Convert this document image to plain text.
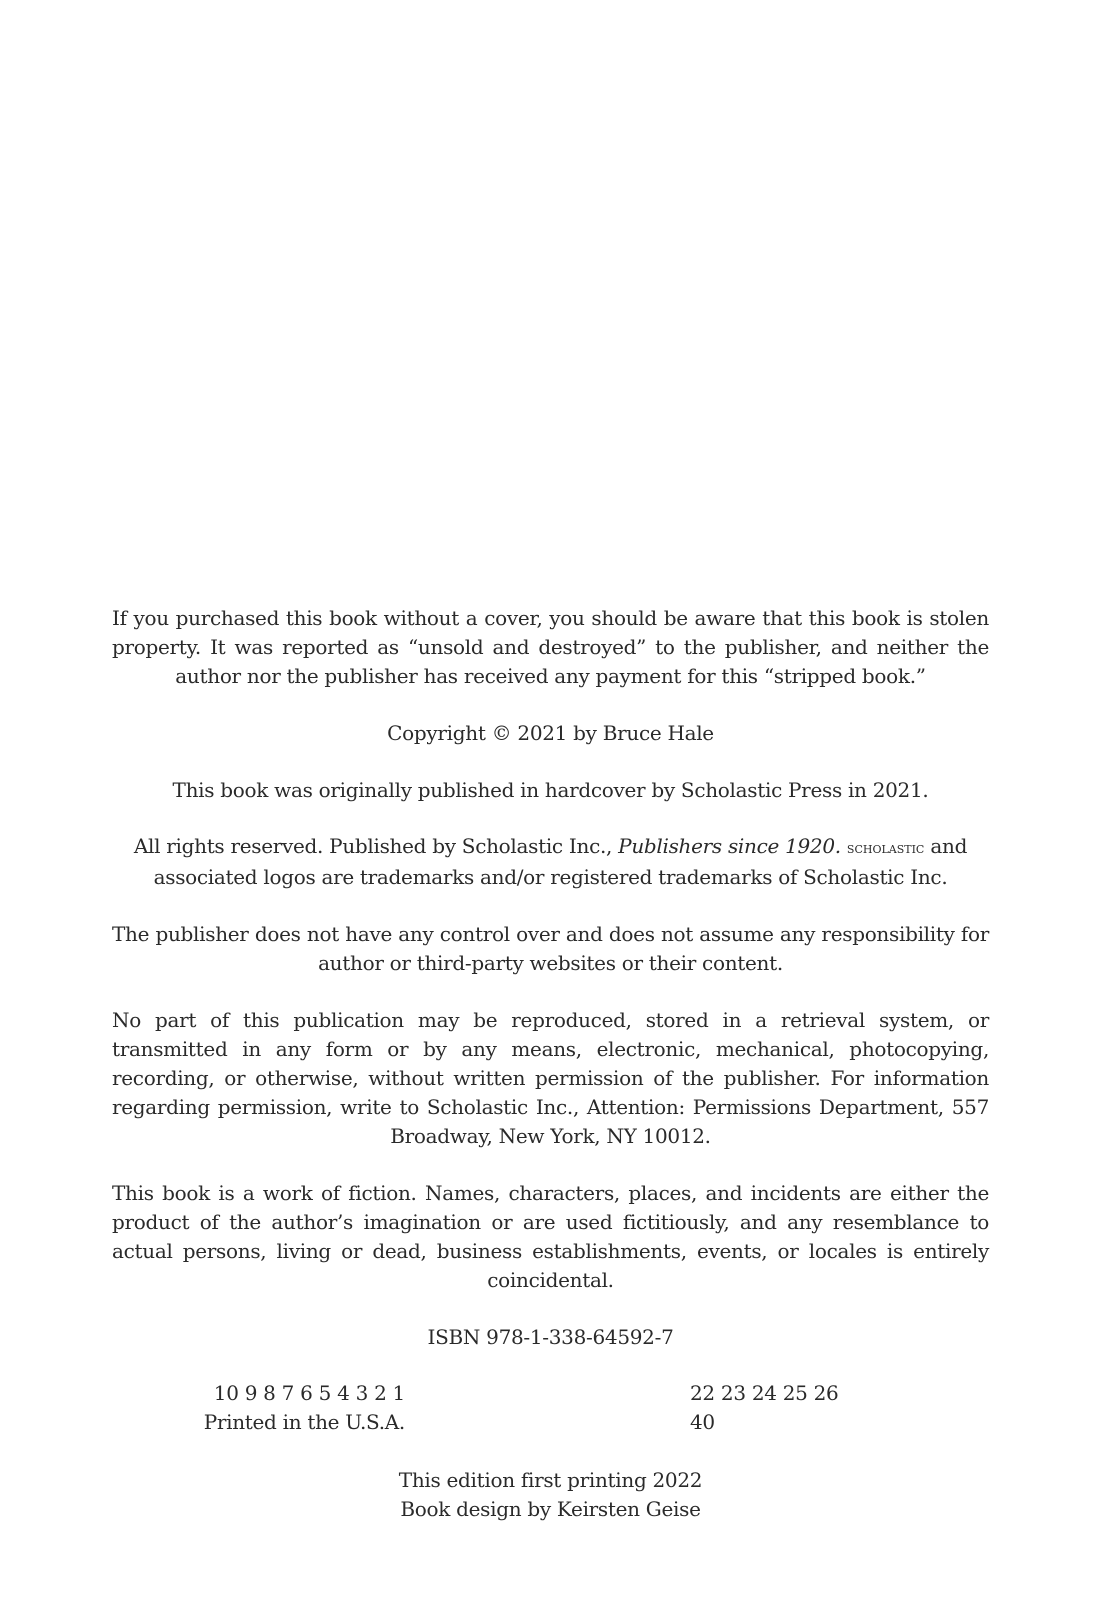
If you purchased this book without a cover, you should be aware that this book is stolen property. It was reported as “unsold and destroyed” to the publisher, and neither the author nor the publisher has received any payment for this “stripped book.”

Copyright © 2021 by Bruce Hale

This book was originally published in hardcover by Scholastic Press in 2021.

All rights reserved. Published by Scholastic Inc., Publishers since 1920. scholastic and associated logos are trademarks and/or registered trademarks of Scholastic Inc.

The publisher does not have any control over and does not assume any responsibility for author or third-party websites or their content.

No part of this publication may be reproduced, stored in a retrieval system, or transmitted in any form or by any means, electronic, mechanical, photocopying, recording, or otherwise, without written permission of the publisher. For information regarding permission, write to Scholastic Inc., Attention: Permissions Department, 557 Broadway, New York, NY 10012.

This book is a work of fiction. Names, characters, places, and incidents are either the product of the author’s imagination or are used fictitiously, and any resemblance to actual persons, living or dead, business establishments, events, or locales is entirely coincidental.

ISBN 978-1-338-64592-7

10 9 8 7 6 5 4 3 2 1
Printed in the U.S.A.
22 23 24 25 26
40

This edition first printing 2022
Book design by Keirsten Geise
